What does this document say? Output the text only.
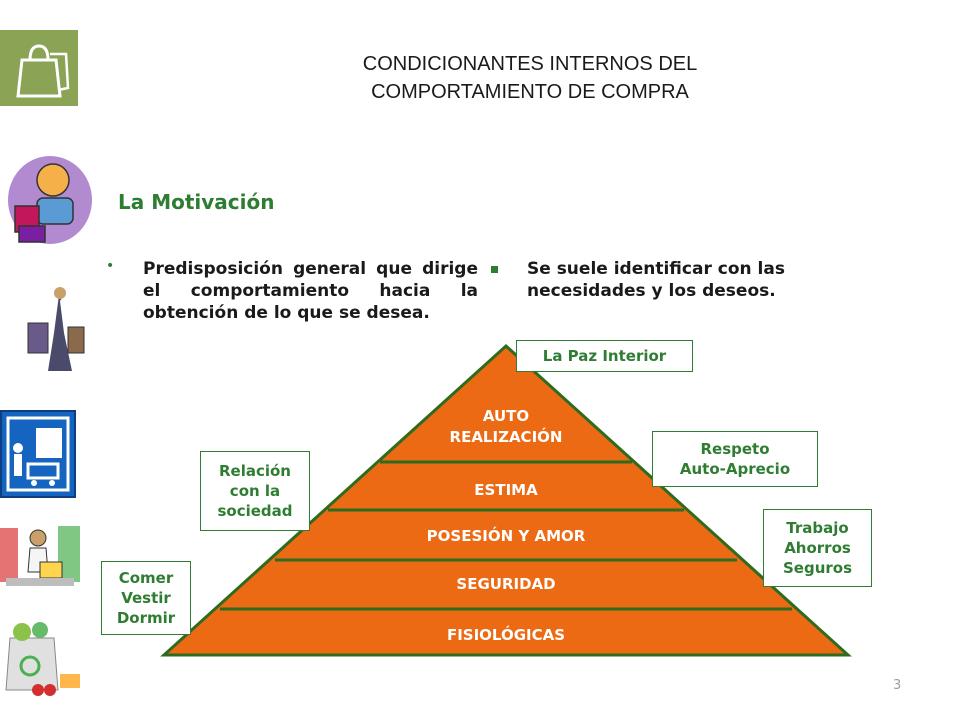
CONDICIONANTES INTERNOS DEL
COMPORTAMIENTO DE COMPRA
La Motivación
• Predisposición general que dirige el comportamiento hacia la obtención de lo que se desea.
Se suele identificar con las necesidades y los deseos.
AUTO
REALIZACIÓN
ESTIMA
POSESIÓN Y AMOR
SEGURIDAD
FISIOLÓGICAS
La Paz Interior
Respeto
Auto-Aprecio
Relación
con la
sociedad
Trabajo
Ahorros
Seguros
Comer
Vestir
Dormir
3
